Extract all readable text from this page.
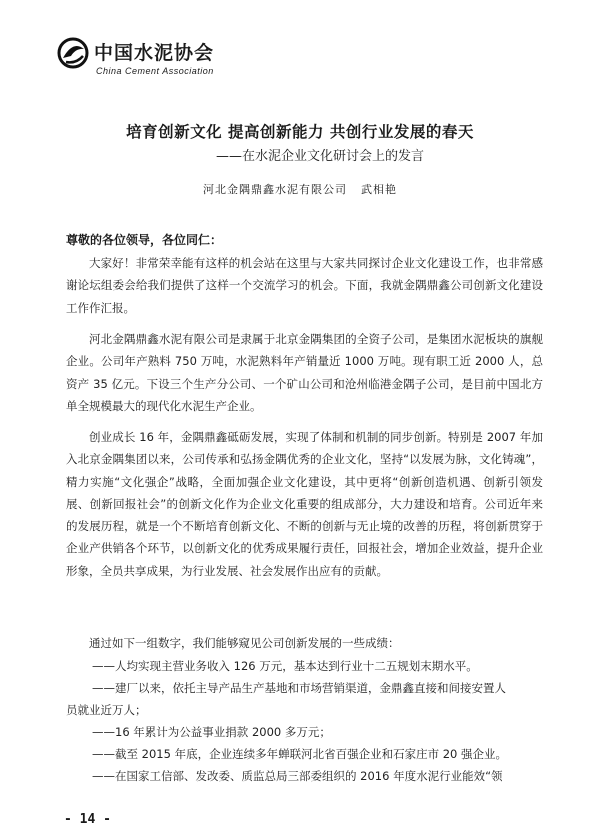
中国水泥协会
China Cement Association
培育创新文化 提高创新能力 共创行业发展的春天
——在水泥企业文化研讨会上的发言
河北金隅鼎鑫水泥有限公司 武相艳
尊敬的各位领导，各位同仁：

大家好！非常荣幸能有这样的机会站在这里与大家共同探讨企业文化建设工作，也非常感谢论坛组委会给我们提供了这样一个交流学习的机会。下面，我就金隅鼎鑫公司创新文化建设工作作汇报。

河北金隅鼎鑫水泥有限公司是隶属于北京金隅集团的全资子公司，是集团水泥板块的旗舰企业。公司年产熟料 750 万吨，水泥熟料年产销量近 1000 万吨。现有职工近 2000 人，总资产 35 亿元。下设三个生产分公司、一个矿山公司和沧州临港金隅子公司，是目前中国北方单全规模最大的现代化水泥生产企业。

创业成长 16 年，金隅鼎鑫砥砺发展，实现了体制和机制的同步创新。特别是 2007 年加入北京金隅集团以来，公司传承和弘扬金隅优秀的企业文化，坚持“以发展为脉，文化铸魂”，精力实施“文化强企”战略，全面加强企业文化建设，其中更将“创新创造机遇、创新引领发展、创新回报社会”的创新文化作为企业文化重要的组成部分，大力建设和培育。公司近年来的发展历程，就是一个不断培育创新文化、不断的创新与无止境的改善的历程，将创新贯穿于企业产供销各个环节，以创新文化的优秀成果履行责任，回报社会，增加企业效益，提升企业形象，全员共享成果，为行业发展、社会发展作出应有的贡献。

通过如下一组数字，我们能够窥见公司创新发展的一些成绩：

——人均实现主营业务收入 126 万元，基本达到行业十二五规划末期水平。

——建厂以来，依托主导产品生产基地和市场营销渠道，金鼎鑫直接和间接安置人

员就业近万人；

——16 年累计为公益事业捐款 2000 多万元；

——截至 2015 年底，企业连续多年蝉联河北省百强企业和石家庄市 20 强企业。

——在国家工信部、发改委、质监总局三部委组织的 2016 年度水泥行业能效“领

- 14 -
